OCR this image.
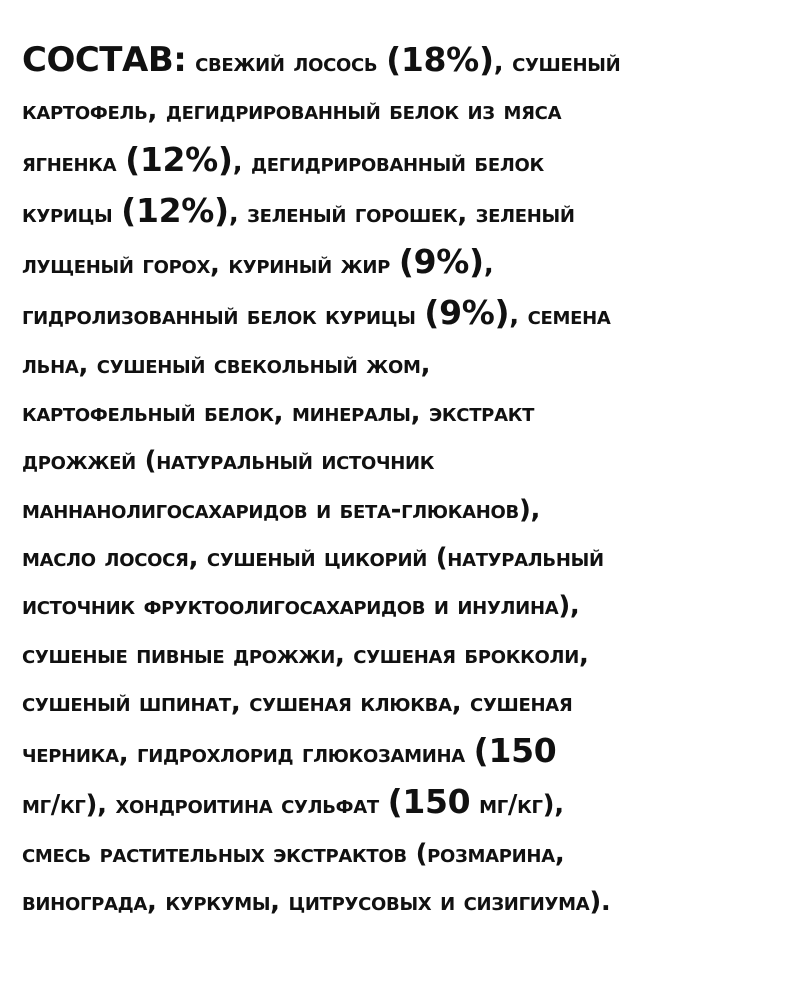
СОСТАВ: свежий лосось (18%), сушеный
картофель, дегидрированный белок из мяса
ягненка (12%), дегидрированный белок
курицы (12%), зеленый горошек, зеленый
лущеный горох, куриный жир (9%),
гидролизованный белок курицы (9%), семена
льна, сушеный свекольный жом,
картофельный белок, минералы, экстракт
дрожжей (натуральный источник
маннанолигосахаридов и бета-глюканов),
масло лосося, сушеный цикорий (натуральный
источник фруктоолигосахаридов и инулина),
сушеные пивные дрожжи, сушеная брокколи,
сушеный шпинат, сушеная клюква, сушеная
черника, гидрохлорид глюкозамина (150
мг/кг), хондроитина сульфат (150 мг/кг),
смесь растительных экстрактов (розмарина,
винограда, куркумы, цитрусовых и сизигиума).
